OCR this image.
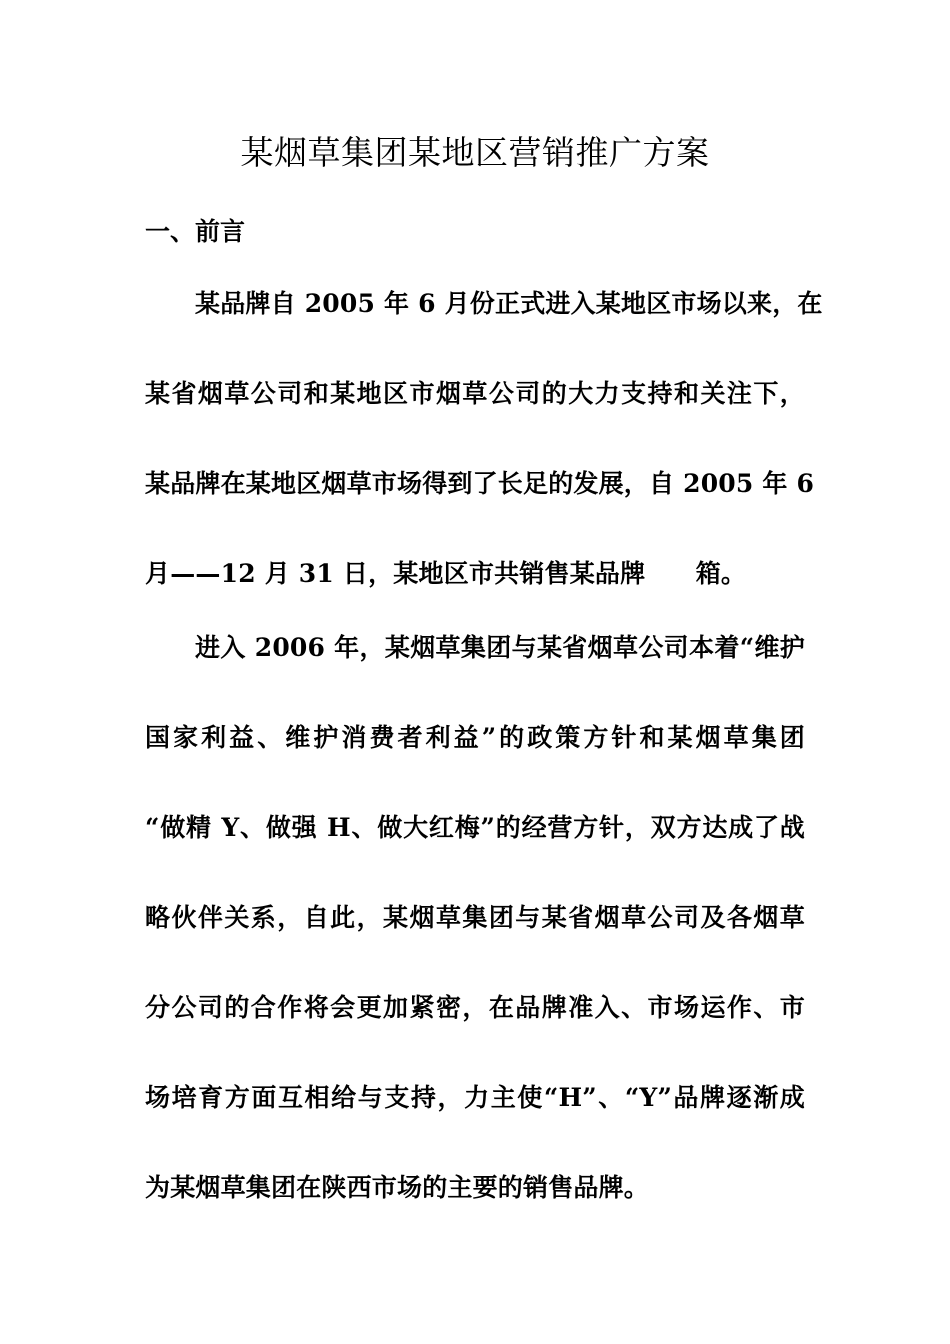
某烟草集团某地区营销推广方案
一、前言
某品牌自 2005 年 6 月份正式进入某地区市场以来，在
某省烟草公司和某地区市烟草公司的大力支持和关注下，
某品牌在某地区烟草市场得到了长足的发展，自 2005 年 6
月——12 月 31 日，某地区市共销售某品牌　　箱。
进入 2006 年，某烟草集团与某省烟草公司本着“维护
国家利益、维护消费者利益”的政策方针和某烟草集团
“做精 Y、做强 H、做大红梅”的经营方针，双方达成了战
略伙伴关系，自此，某烟草集团与某省烟草公司及各烟草
分公司的合作将会更加紧密，在品牌准入、市场运作、市
场培育方面互相给与支持，力主使“H”、“Y”品牌逐渐成
为某烟草集团在陕西市场的主要的销售品牌。
